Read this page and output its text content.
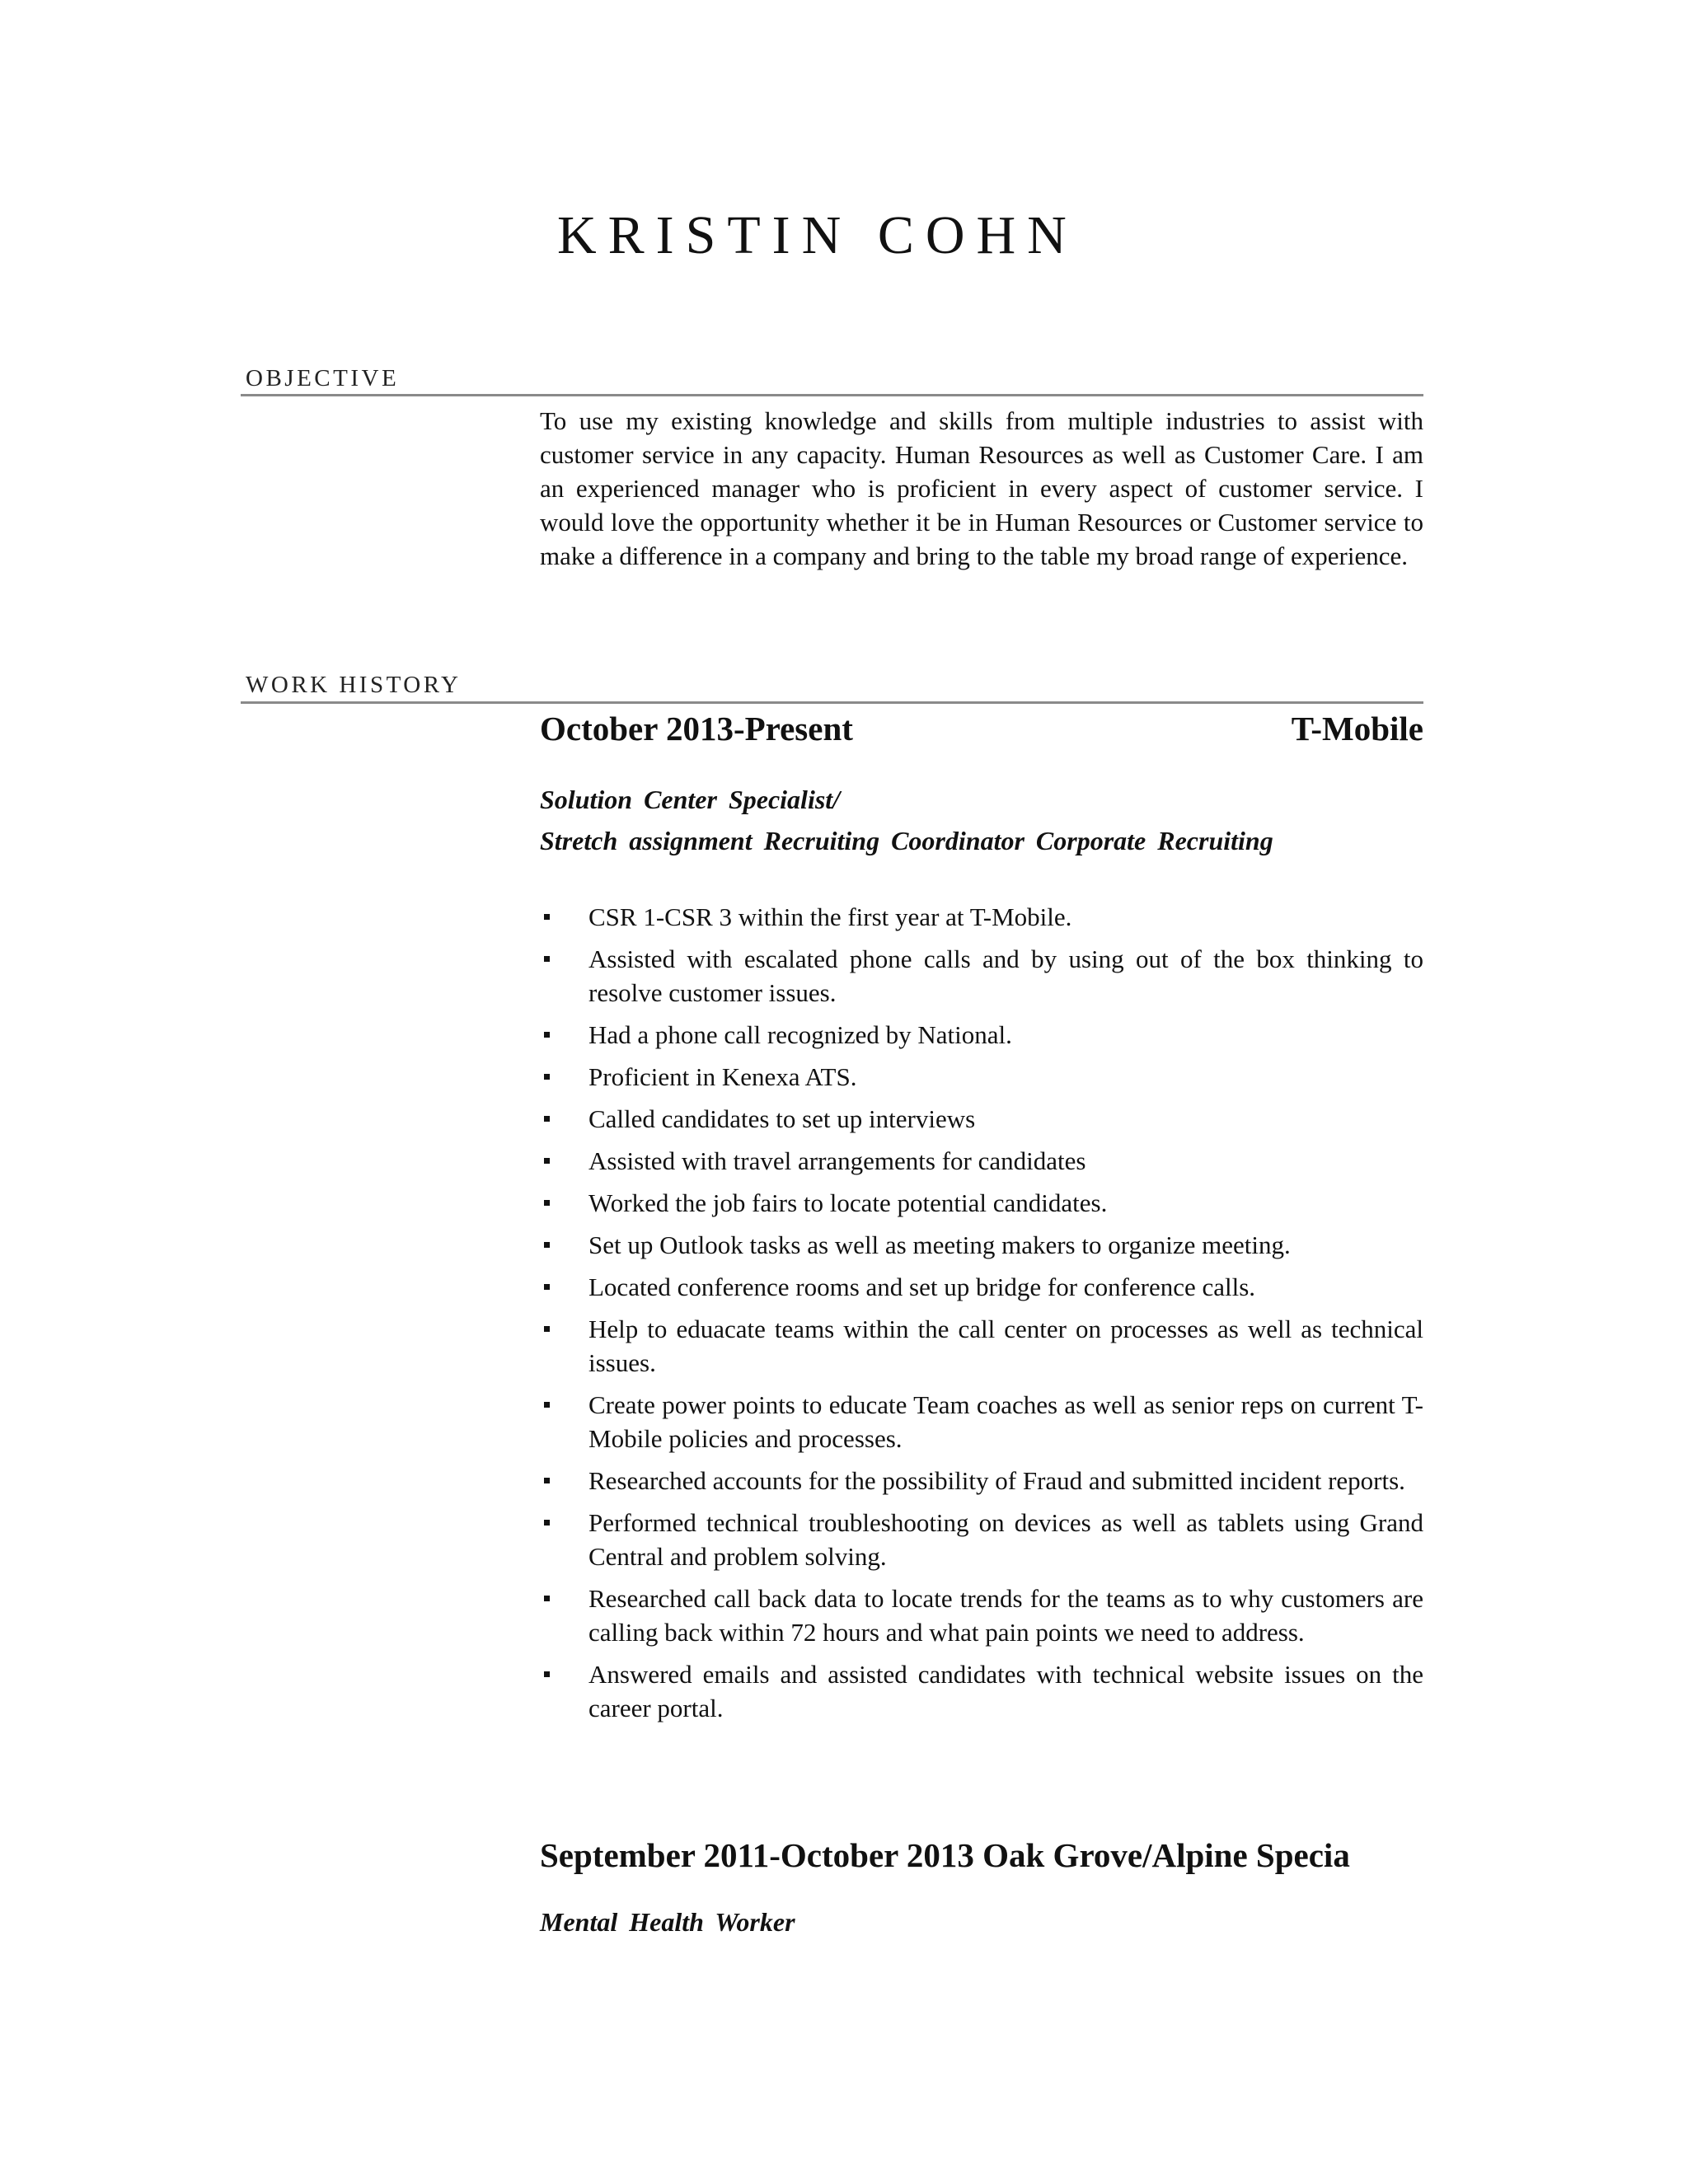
KRISTIN COHN
OBJECTIVE

To use my existing knowledge and skills from multiple industries to assist with customer service in any capacity. Human Resources as well as Customer Care. I am an experienced manager who is proficient in every aspect of customer service. I would love the opportunity whether it be in Human Resources or Customer service to make a difference in a company and bring to the table my broad range of experience.

WORK HISTORY
October 2013-Present	T-Mobile

Solution Center Specialist/

Stretch assignment Recruiting Coordinator Corporate Recruiting

CSR 1-CSR 3 within the first year at T-Mobile.
Assisted with escalated phone calls and by using out of the box thinking to resolve customer issues.
Had a phone call recognized by National.
Proficient in Kenexa ATS.
Called candidates to set up interviews
Assisted with travel arrangements for candidates
Worked the job fairs to locate potential candidates.
Set up Outlook tasks as well as meeting makers to organize meeting.
Located conference rooms and set up bridge for conference calls.
Help to eduacate teams within the call center on processes as well as technical issues.
Create power points to educate Team coaches as well as senior reps on current T-Mobile policies and processes.
Researched accounts for the possibility of Fraud and submitted incident reports.
Performed technical troubleshooting on devices as well as tablets using Grand Central and problem solving.
Researched call back data to locate trends for the teams as to why customers are calling back within 72 hours and what pain points we need to address.
Answered emails and assisted candidates with technical website issues on the career portal.
September 2011-October 2013 Oak Grove/Alpine Specia

Mental Health Worker
